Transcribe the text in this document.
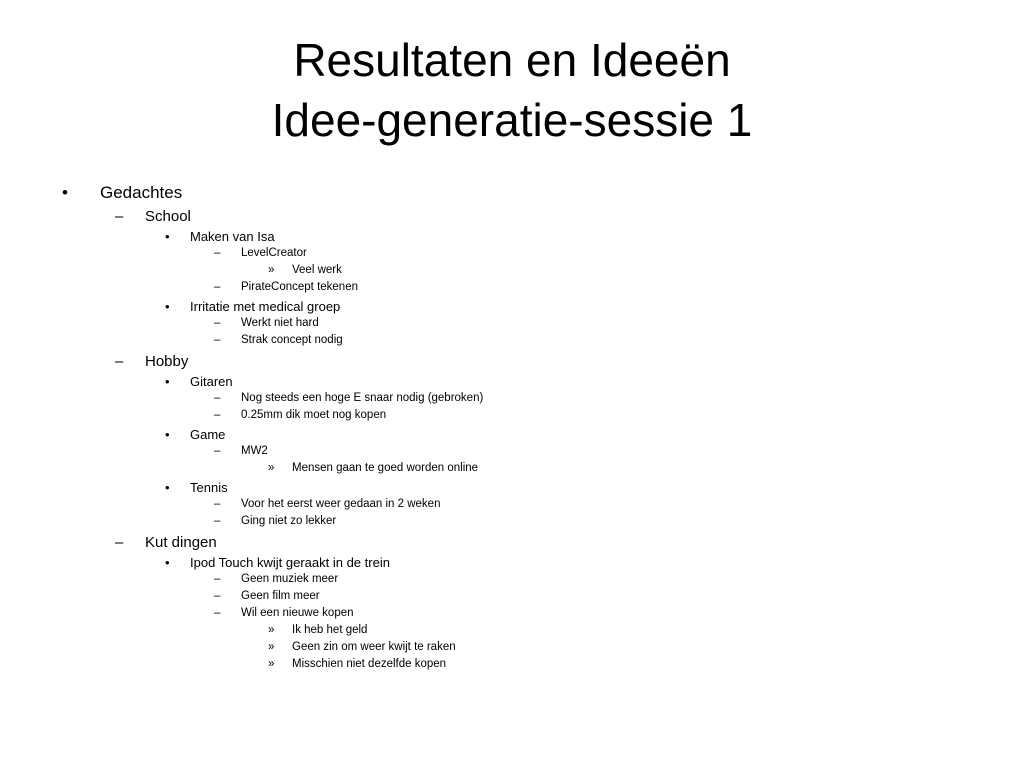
Resultaten en Ideeën
Idee-generatie-sessie 1
• Gedachtes
– School
• Maken van Isa
– LevelCreator
» Veel werk
– PirateConcept tekenen
• Irritatie met medical groep
– Werkt niet hard
– Strak concept nodig
– Hobby
• Gitaren
– Nog steeds een hoge E snaar nodig (gebroken)
– 0.25mm dik moet nog kopen
• Game
– MW2
» Mensen gaan te goed worden online
• Tennis
– Voor het eerst weer gedaan in 2 weken
– Ging niet zo lekker
– Kut dingen
• Ipod Touch kwijt geraakt in de trein
– Geen muziek meer
– Geen film meer
– Wil een nieuwe kopen
» Ik heb het geld
» Geen zin om weer kwijt te raken
» Misschien niet dezelfde kopen
